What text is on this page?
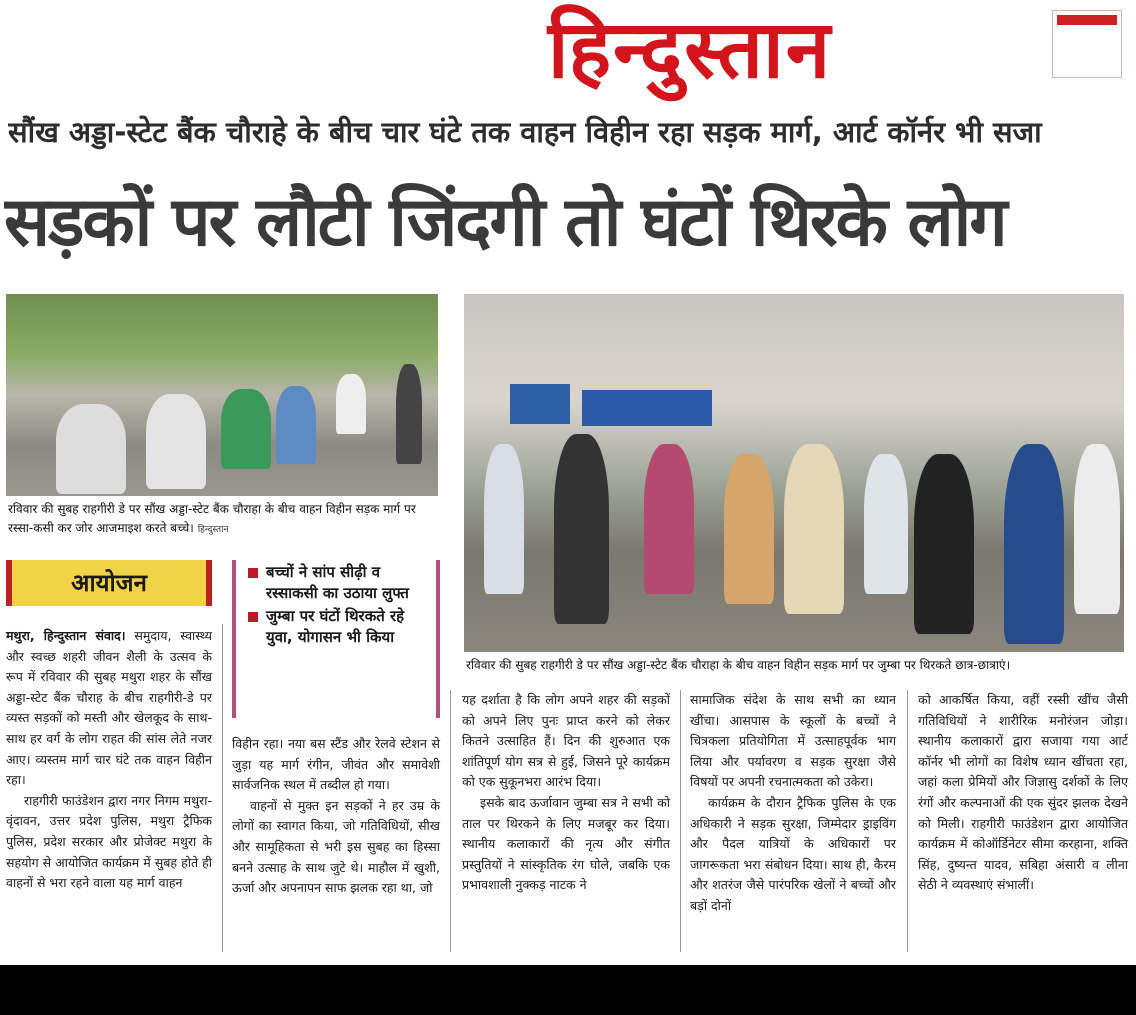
हिन्दुस्तान
सौंख अड्डा-स्टेट बैंक चौराहे के बीच चार घंटे तक वाहन विहीन रहा सड़क मार्ग, आर्ट कॉर्नर भी सजा
सड़कों पर लौटी जिंदगी तो घंटों थिरके लोग
रविवार की सुबह राहगीरी डे पर सौंख अड्डा-स्टेट बैंक चौराहा के बीच वाहन विहीन सड़क मार्ग पर रस्सा-कसी कर जोर आजमाइश करते बच्चे। हिन्दुस्तान
रविवार की सुबह राहगीरी डे पर सौंख अड्डा-स्टेट बैंक चौराहा के बीच वाहन विहीन सड़क मार्ग पर जुम्बा पर थिरकते छात्र-छात्राएं।
आयोजन	बच्चों ने सांप सीढ़ी व रस्साकसी का उठाया लुफ्त
जुम्बा पर घंटों थिरकते रहे युवा, योगासन भी किया

मथुरा, हिन्दुस्तान संवाद। समुदाय, स्वास्थ्य और स्वच्छ शहरी जीवन शैली के उत्सव के रूप में रविवार की सुबह मथुरा शहर के सौंख अड्डा-स्टेट बैंक चौराह के बीच राहगीरी-डे पर व्यस्त सड़कों को मस्ती और खेलकूद के साथ-साथ हर वर्ग के लोग राहत की सांस लेते नजर आए। व्यस्तम मार्ग चार घंटे तक वाहन विहीन रहा।

राहगीरी फाउंडेशन द्वारा नगर निगम मथुरा-वृंदावन, उत्तर प्रदेश पुलिस, मथुरा ट्रैफिक पुलिस, प्रदेश सरकार और प्रोजेक्ट मथुरा के सहयोग से आयोजित कार्यक्रम में सुबह होते ही वाहनों से भरा रहने वाला यह मार्ग वाहन

विहीन रहा। नया बस स्टैंड और रेलवे स्टेशन से जुड़ा यह मार्ग रंगीन, जीवंत और समावेशी सार्वजनिक स्थल में तब्दील हो गया।

वाहनों से मुक्त इन सड़कों ने हर उम्र के लोगों का स्वागत किया, जो गतिविधियों, सीख और सामूहिकता से भरी इस सुबह का हिस्सा बनने उत्साह के साथ जुटे थे। माहौल में खुशी, ऊर्जा और अपनापन साफ झलक रहा था, जो

यह दर्शाता है कि लोग अपने शहर की सड़कों को अपने लिए पुनः प्राप्त करने को लेकर कितने उत्साहित हैं। दिन की शुरुआत एक शांतिपूर्ण योग सत्र से हुई, जिसने पूरे कार्यक्रम को एक सुकूनभरा आरंभ दिया।

इसके बाद ऊर्जावान जुम्बा सत्र ने सभी को ताल पर थिरकने के लिए मजबूर कर दिया। स्थानीय कलाकारों की नृत्य और संगीत प्रस्तुतियों ने सांस्कृतिक रंग घोले, जबकि एक प्रभावशाली नुक्कड़ नाटक ने

सामाजिक संदेश के साथ सभी का ध्यान खींचा। आसपास के स्कूलों के बच्चों ने चित्रकला प्रतियोगिता में उत्साहपूर्वक भाग लिया और पर्यावरण व सड़क सुरक्षा जैसे विषयों पर अपनी रचनात्मकता को उकेरा।

कार्यक्रम के दौरान ट्रैफिक पुलिस के एक अधिकारी ने सड़क सुरक्षा, जिम्मेदार ड्राइविंग और पैदल यात्रियों के अधिकारों पर जागरूकता भरा संबोधन दिया। साथ ही, कैरम और शतरंज जैसे पारंपरिक खेलों ने बच्चों और बड़ों दोनों

को आकर्षित किया, वहीं रस्सी खींच जैसी गतिविधियों ने शारीरिक मनोरंजन जोड़ा। स्थानीय कलाकारों द्वारा सजाया गया आर्ट कॉर्नर भी लोगों का विशेष ध्यान खींचता रहा, जहां कला प्रेमियों और जिज्ञासु दर्शकों के लिए रंगों और कल्पनाओं की एक सुंदर झलक देखने को मिली। राहगीरी फाउंडेशन द्वारा आयोजित कार्यक्रम में कोऑर्डिनेटर सीमा करहाना, शक्ति सिंह, दुष्यन्त यादव, सबिहा अंसारी व लीना सेठी ने व्यवस्थाएं संभालीं।
